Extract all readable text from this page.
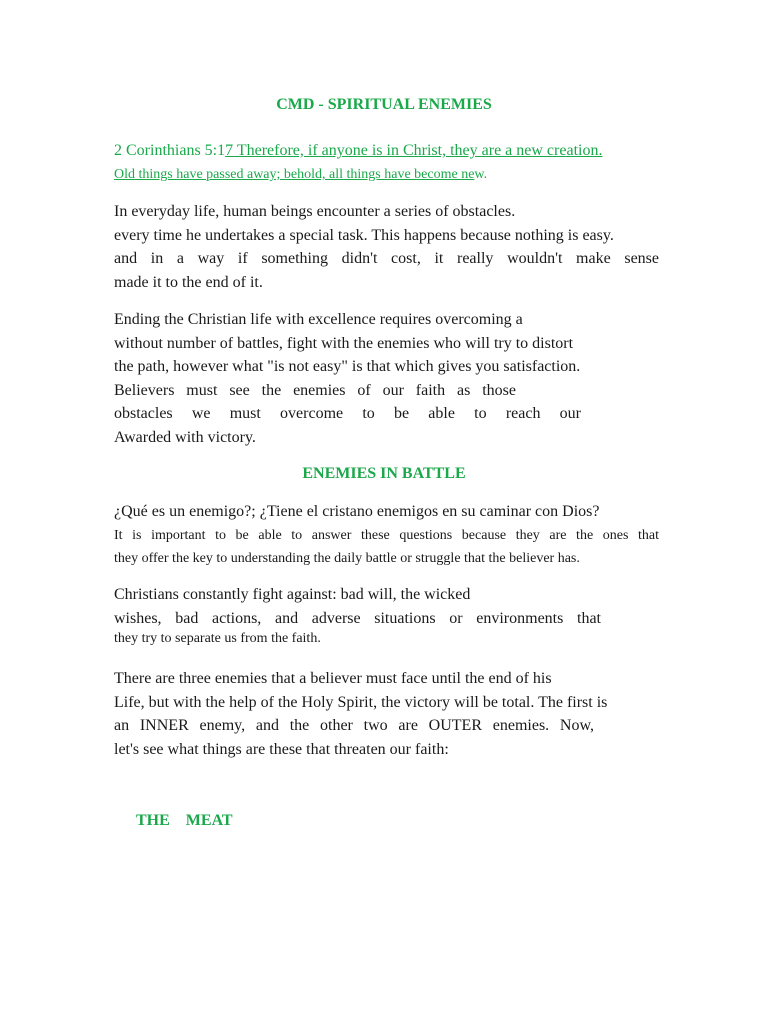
CMD - SPIRITUAL ENEMIES
2 Corinthians 5:17 Therefore, if anyone is in Christ, they are a new creation.
Old things have passed away; behold, all things have become new.
In everyday life, human beings encounter a series of obstacles.
every time he undertakes a special task. This happens because nothing is easy.
and in a way if something didn't cost, it really wouldn't make sense
made it to the end of it.
Ending the Christian life with excellence requires overcoming a
without number of battles, fight with the enemies who will try to distort
the path, however what "is not easy" is that which gives you satisfaction.
Believers must see the enemies of our faith as those
obstacles we must overcome to be able to reach our
Awarded with victory.
ENEMIES IN BATTLE
¿Qué es un enemigo?; ¿Tiene el cristano enemigos en su caminar con Dios?
It is important to be able to answer these questions because they are the ones that
they offer the key to understanding the daily battle or struggle that the believer has.
Christians constantly fight against: bad will, the wicked
wishes, bad actions, and adverse situations or environments that
they try to separate us from the faith.
There are three enemies that a believer must face until the end of his
Life, but with the help of the Holy Spirit, the victory will be total. The first is
an INNER enemy, and the other two are OUTER enemies. Now,
let's see what things are these that threaten our faith:
THE  MEAT
